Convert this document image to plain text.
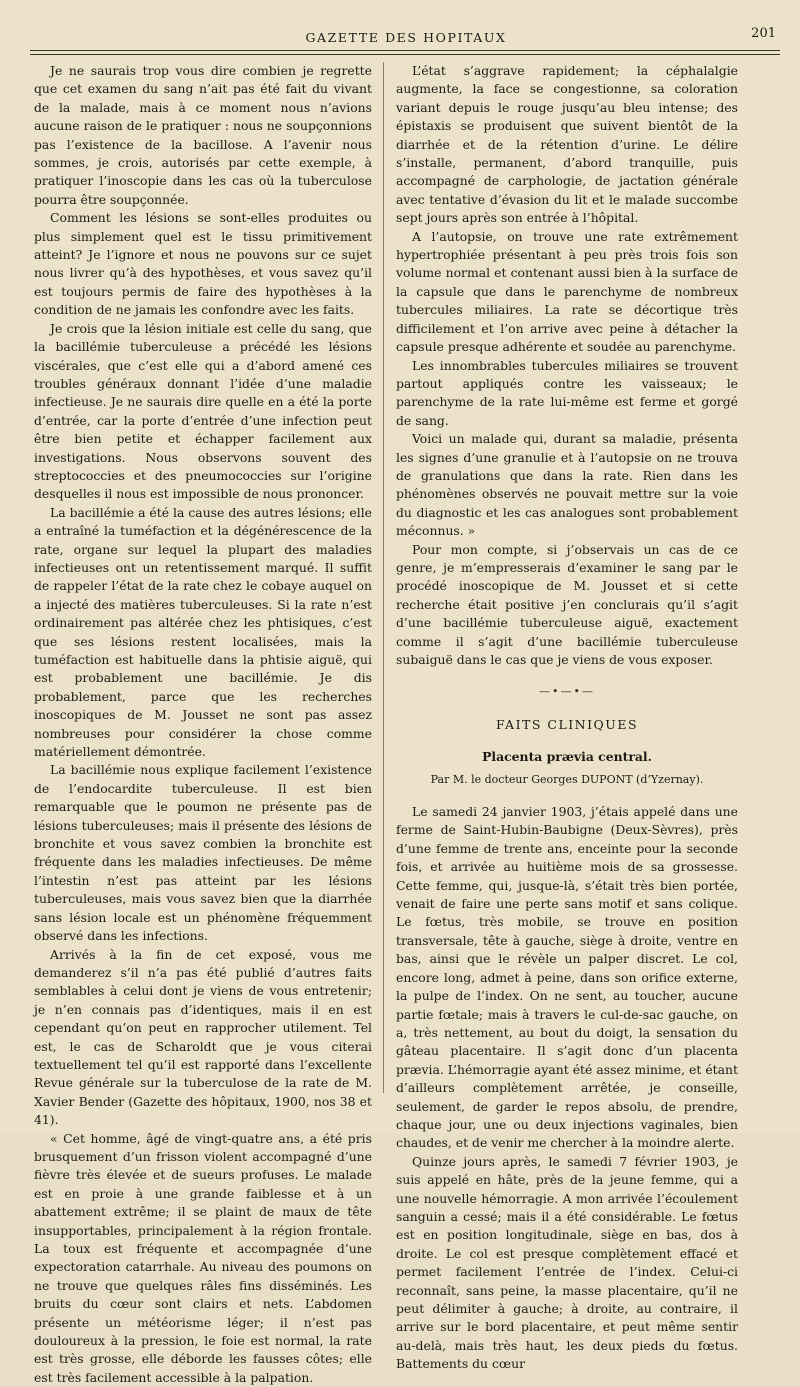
GAZETTE DES HOPITAUX	201

Je ne saurais trop vous dire combien je regrette que cet examen du sang n’ait pas été fait du vivant de la malade, mais à ce moment nous n’avions aucune raison de le pratiquer : nous ne soupçonnions pas l’existence de la bacillose. A l’avenir nous sommes, je crois, autorisés par cette exemple, à pratiquer l’inoscopie dans les cas où la tuberculose pourra être soupçonnée.

Comment les lésions se sont-elles produites ou plus simplement quel est le tissu primitivement atteint? Je l’ignore et nous ne pouvons sur ce sujet nous livrer qu’à des hypothèses, et vous savez qu’il est toujours permis de faire des hypothèses à la condition de ne jamais les confondre avec les faits.

Je crois que la lésion initiale est celle du sang, que la bacillémie tuberculeuse a précédé les lésions viscérales, que c’est elle qui a d’abord amené ces troubles généraux donnant l’idée d’une maladie infectieuse. Je ne saurais dire quelle en a été la porte d’entrée, car la porte d’entrée d’une infection peut être bien petite et échapper facilement aux investigations. Nous observons souvent des streptococcies et des pneumococcies sur l’origine desquelles il nous est impossible de nous prononcer.

La bacillémie a été la cause des autres lésions; elle a entraîné la tuméfaction et la dégénérescence de la rate, organe sur lequel la plupart des maladies infectieuses ont un retentissement marqué. Il suffit de rappeler l’état de la rate chez le cobaye auquel on a injecté des matières tuberculeuses. Si la rate n’est ordinairement pas altérée chez les phtisiques, c’est que ses lésions restent localisées, mais la tuméfaction est habituelle dans la phtisie aiguë, qui est probablement une bacillémie. Je dis probablement, parce que les recherches inoscopiques de M. Jousset ne sont pas assez nombreuses pour considérer la chose comme matériellement démontrée.

La bacillémie nous explique facilement l’existence de l’endocardite tuberculeuse. Il est bien remarquable que le poumon ne présente pas de lésions tuberculeuses; mais il présente des lésions de bronchite et vous savez combien la bronchite est fréquente dans les maladies infectieuses. De même l’intestin n’est pas atteint par les lésions tuberculeuses, mais vous savez bien que la diarrhée sans lésion locale est un phénomène fréquemment observé dans les infections.

Arrivés à la fin de cet exposé, vous me demanderez s’il n’a pas été publié d’autres faits semblables à celui dont je viens de vous entretenir; je n’en connais pas d’identiques, mais il en est cependant qu’on peut en rapprocher utilement. Tel est, le cas de Scharoldt que je vous citerai textuellement tel qu’il est rapporté dans l’excellente Revue générale sur la tuberculose de la rate de M. Xavier Bender (Gazette des hôpitaux, 1900, nos 38 et 41).

« Cet homme, âgé de vingt-quatre ans, a été pris brusquement d’un frisson violent accompagné d’une fièvre très élevée et de sueurs profuses. Le malade est en proie à une grande faiblesse et à un abattement extrême; il se plaint de maux de tête insupportables, principalement à la région frontale. La toux est fréquente et accompagnée d’une expectoration catarrhale. Au niveau des poumons on ne trouve que quelques râles fins disséminés. Les bruits du cœur sont clairs et nets. L’abdomen présente un météorisme léger; il n’est pas douloureux à la pression, le foie est normal, la rate est très grosse, elle déborde les fausses côtes; elle est très facilement accessible à la palpation.

L’état s’aggrave rapidement; la céphalalgie augmente, la face se congestionne, sa coloration variant depuis le rouge jusqu’au bleu intense; des épistaxis se produisent que suivent bientôt de la diarrhée et de la rétention d’urine. Le délire s’installe, permanent, d’abord tranquille, puis accompagné de carphologie, de jactation générale avec tentative d’évasion du lit et le malade succombe sept jours après son entrée à l’hôpital.

A l’autopsie, on trouve une rate extrêmement hypertrophiée présentant à peu près trois fois son volume normal et contenant aussi bien à la surface de la capsule que dans le parenchyme de nombreux tubercules miliaires. La rate se décortique très difficilement et l’on arrive avec peine à détacher la capsule presque adhérente et soudée au parenchyme.

Les innombrables tubercules miliaires se trouvent partout appliqués contre les vaisseaux; le parenchyme de la rate lui-même est ferme et gorgé de sang.

Voici un malade qui, durant sa maladie, présenta les signes d’une granulie et à l’autopsie on ne trouva de granulations que dans la rate. Rien dans les phénomènes observés ne pouvait mettre sur la voie du diagnostic et les cas analogues sont probablement méconnus. »

Pour mon compte, si j’observais un cas de ce genre, je m’empresserais d’examiner le sang par le procédé inoscopique de M. Jousset et si cette recherche était positive j’en conclurais qu’il s’agit d’une bacillémie tuberculeuse aiguë, exactement comme il s’agit d’une bacillémie tuberculeuse subaiguë dans le cas que je viens de vous exposer.

—•—•—
FAITS CLINIQUES
Placenta prævia central.
Par M. le docteur Georges DUPONT (d’Yzernay).

Le samedi 24 janvier 1903, j’étais appelé dans une ferme de Saint-Hubin-Baubigne (Deux-Sèvres), près d’une femme de trente ans, enceinte pour la seconde fois, et arrivée au huitième mois de sa grossesse. Cette femme, qui, jusque-là, s’était très bien portée, venait de faire une perte sans motif et sans colique. Le fœtus, très mobile, se trouve en position transversale, tête à gauche, siège à droite, ventre en bas, ainsi que le révèle un palper discret. Le col, encore long, admet à peine, dans son orifice externe, la pulpe de l’index. On ne sent, au toucher, aucune partie fœtale; mais à travers le cul-de-sac gauche, on a, très nettement, au bout du doigt, la sensation du gâteau placentaire. Il s’agit donc d’un placenta prævia. L’hémorragie ayant été assez minime, et étant d’ailleurs complètement arrêtée, je conseille, seulement, de garder le repos absolu, de prendre, chaque jour, une ou deux injections vaginales, bien chaudes, et de venir me chercher à la moindre alerte.

Quinze jours après, le samedi 7 février 1903, je suis appelé en hâte, près de la jeune femme, qui a une nouvelle hémorragie. A mon arrivée l’écoulement sanguin a cessé; mais il a été considérable. Le fœtus est en position longitudinale, siège en bas, dos à droite. Le col est presque complètement effacé et permet facilement l’entrée de l’index. Celui-ci reconnaît, sans peine, la masse placentaire, qu’il ne peut délimiter à gauche; à droite, au contraire, il arrive sur le bord placentaire, et peut même sentir au-delà, mais très haut, les deux pieds du fœtus. Battements du cœur
